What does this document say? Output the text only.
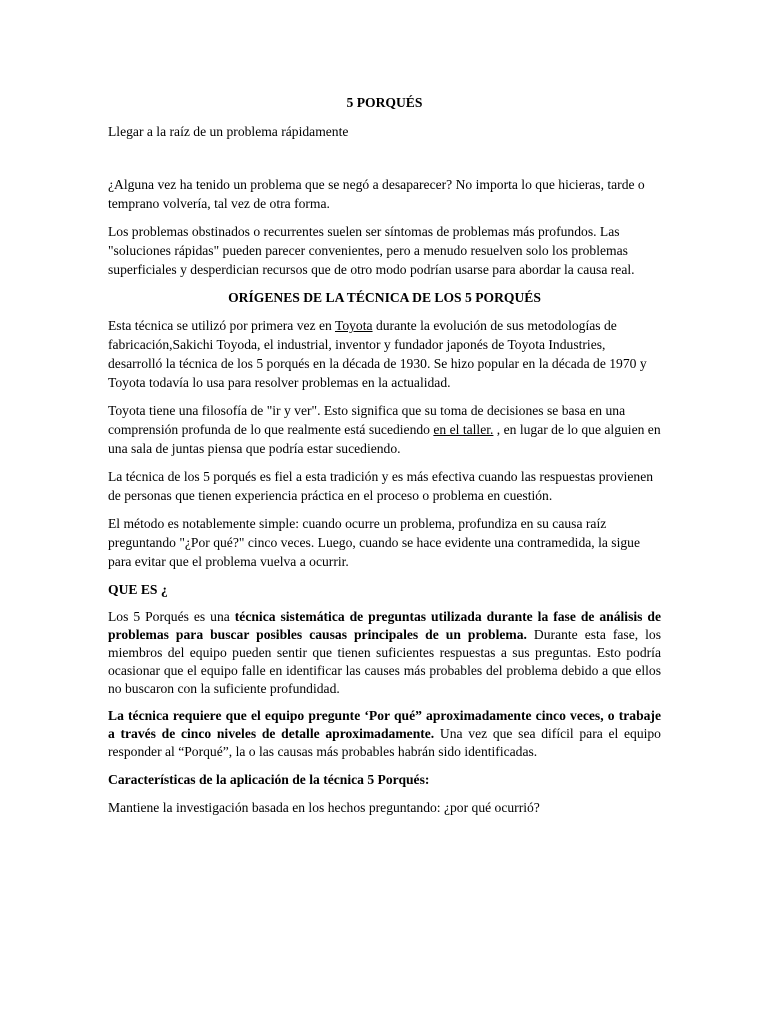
5 PORQUÉS

Llegar a la raíz de un problema rápidamente

¿Alguna vez ha tenido un problema que se negó a desaparecer? No importa lo que hicieras, tarde o temprano volvería, tal vez de otra forma.

Los problemas obstinados o recurrentes suelen ser síntomas de problemas más profundos. Las "soluciones rápidas" pueden parecer convenientes, pero a menudo resuelven solo los problemas superficiales y desperdician recursos que de otro modo podrían usarse para abordar la causa real.

ORÍGENES DE LA TÉCNICA DE LOS 5 PORQUÉS

Esta técnica se utilizó por primera vez en Toyota durante la evolución de sus metodologías de fabricación,Sakichi Toyoda, el industrial, inventor y fundador japonés de Toyota Industries, desarrolló la técnica de los 5 porqués en la década de 1930. Se hizo popular en la década de 1970 y Toyota todavía lo usa para resolver problemas en la actualidad.

Toyota tiene una filosofía de "ir y ver". Esto significa que su toma de decisiones se basa en una comprensión profunda de lo que realmente está sucediendo en el taller. , en lugar de lo que alguien en una sala de juntas piensa que podría estar sucediendo.

La técnica de los 5 porqués es fiel a esta tradición y es más efectiva cuando las respuestas provienen de personas que tienen experiencia práctica en el proceso o problema en cuestión.

El método es notablemente simple: cuando ocurre un problema, profundiza en su causa raíz preguntando "¿Por qué?" cinco veces. Luego, cuando se hace evidente una contramedida, la sigue para evitar que el problema vuelva a ocurrir.

QUE ES ¿

Los 5 Porqués es una técnica sistemática de preguntas utilizada durante la fase de análisis de problemas para buscar posibles causas principales de un problema. Durante esta fase, los miembros del equipo pueden sentir que tienen suficientes respuestas a sus preguntas. Esto podría ocasionar que el equipo falle en identificar las causes más probables del problema debido a que ellos no buscaron con la suficiente profundidad.

La técnica requiere que el equipo pregunte ‘Por qué” aproximadamente cinco veces, o trabaje a través de cinco niveles de detalle aproximadamente. Una vez que sea difícil para el equipo responder al “Porqué”, la o las causas más probables habrán sido identificadas.

Características de la aplicación de la técnica 5 Porqués:

Mantiene la investigación basada en los hechos preguntando: ¿por qué ocurrió?
